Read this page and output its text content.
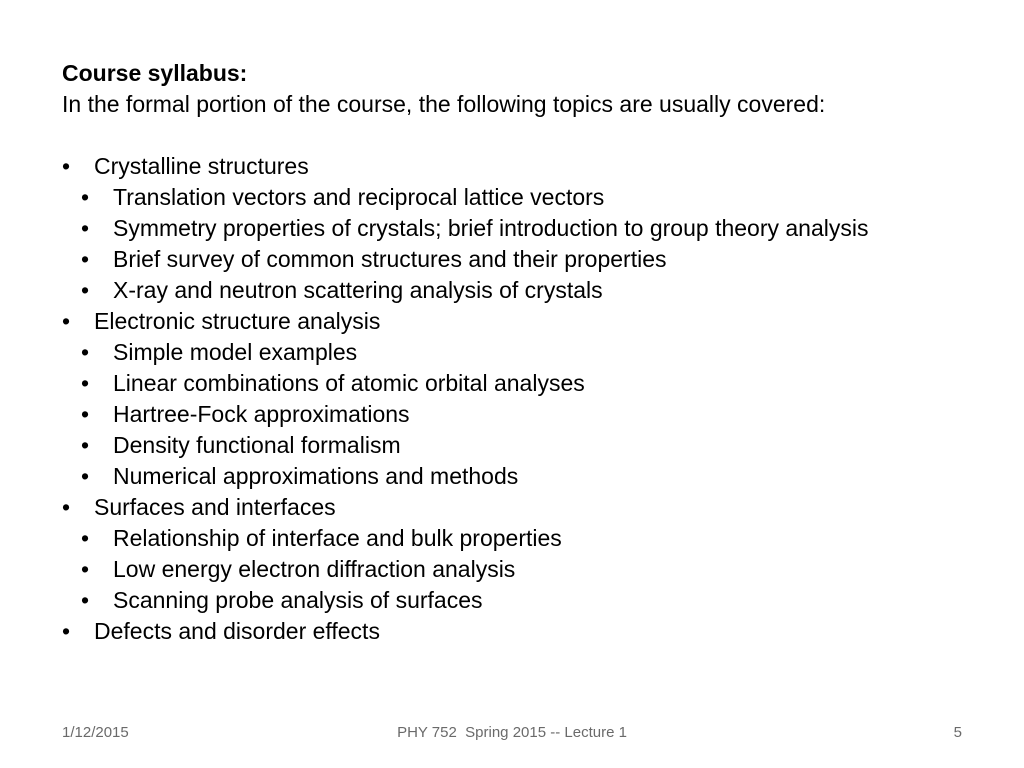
Course syllabus:

In the formal portion of the course, the following topics are usually covered:

•	Crystalline structures
•	Translation vectors and reciprocal lattice vectors
•	Symmetry properties of crystals; brief introduction to group theory analysis
•	Brief survey of common structures and their properties
•	X-ray and neutron scattering analysis of crystals
•	Electronic structure analysis
•	Simple model examples
•	Linear combinations of atomic orbital analyses
•	Hartree-Fock approximations
•	Density functional formalism
•	Numerical approximations and methods
•	Surfaces and interfaces
•	Relationship of interface and bulk properties
•	Low energy electron diffraction analysis
•	Scanning probe analysis of surfaces
•	Defects and disorder effects
1/12/2015	PHY 752  Spring 2015 -- Lecture 1	5
